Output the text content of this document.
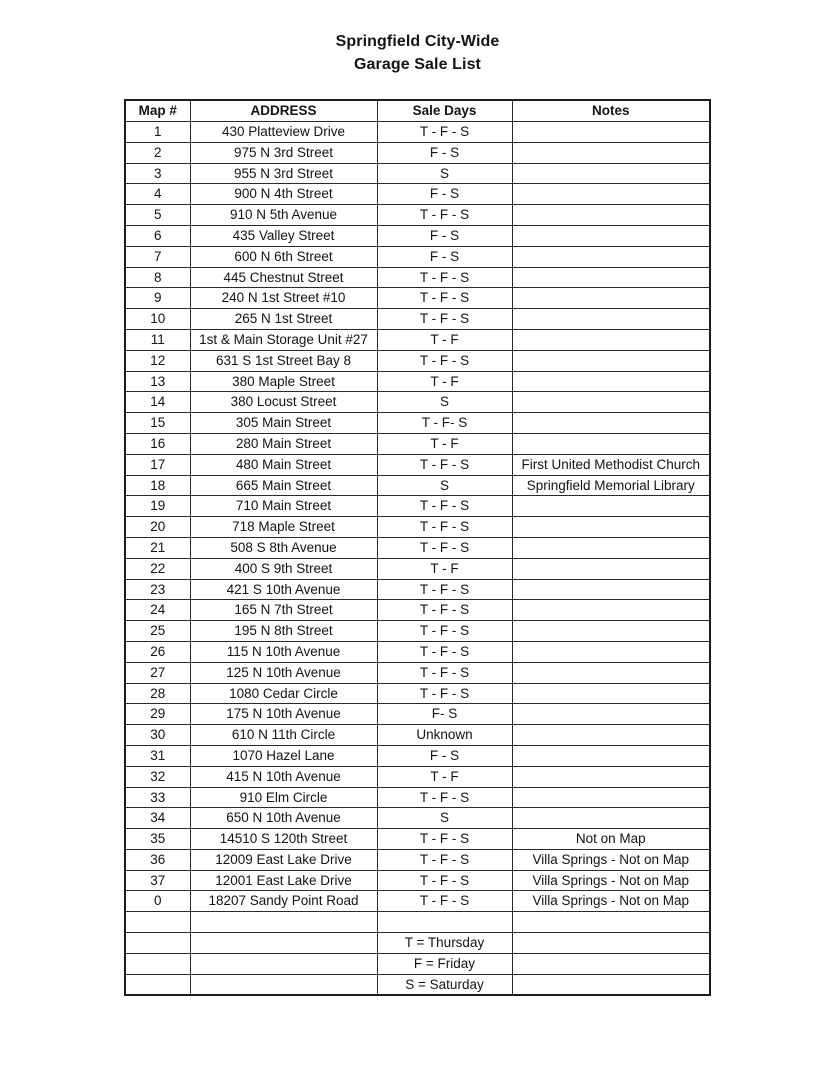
Springfield City-Wide
Garage Sale List
Map #	ADDRESS	Sale Days	Notes
1	430 Platteview Drive	T - F - S	
2	975 N 3rd Street	F - S	
3	955 N 3rd Street	S	
4	900 N 4th Street	F - S	
5	910 N 5th Avenue	T - F - S	
6	435 Valley Street	F - S	
7	600 N 6th Street	F - S	
8	445 Chestnut Street	T - F - S	
9	240 N 1st Street #10	T - F - S	
10	265 N 1st Street	T - F - S	
11	1st & Main Storage Unit #27	T - F	
12	631 S 1st Street Bay 8	T - F - S	
13	380 Maple Street	T - F	
14	380 Locust Street	S	
15	305 Main Street	T - F- S	
16	280 Main Street	T - F	
17	480 Main Street	T - F - S	First United Methodist Church
18	665 Main Street	S	Springfield Memorial Library
19	710 Main Street	T - F - S	
20	718 Maple Street	T - F - S	
21	508 S 8th Avenue	T - F - S	
22	400 S 9th Street	T - F	
23	421 S 10th Avenue	T - F - S	
24	165 N 7th Street	T - F - S	
25	195 N 8th Street	T - F - S	
26	115 N 10th Avenue	T - F - S	
27	125 N 10th Avenue	T - F - S	
28	1080 Cedar Circle	T - F - S	
29	175 N 10th Avenue	F- S	
30	610 N 11th Circle	Unknown	
31	1070 Hazel Lane	F - S	
32	415 N 10th Avenue	T - F	
33	910 Elm Circle	T - F - S	
34	650 N 10th Avenue	S	
35	14510 S 120th Street	T - F - S	Not on Map
36	12009 East Lake Drive	T - F - S	Villa Springs - Not on Map
37	12001 East Lake Drive	T - F - S	Villa Springs - Not on Map
0	18207 Sandy Point Road	T - F - S	Villa Springs - Not on Map

		T = Thursday	
		F = Friday	
		S = Saturday	
